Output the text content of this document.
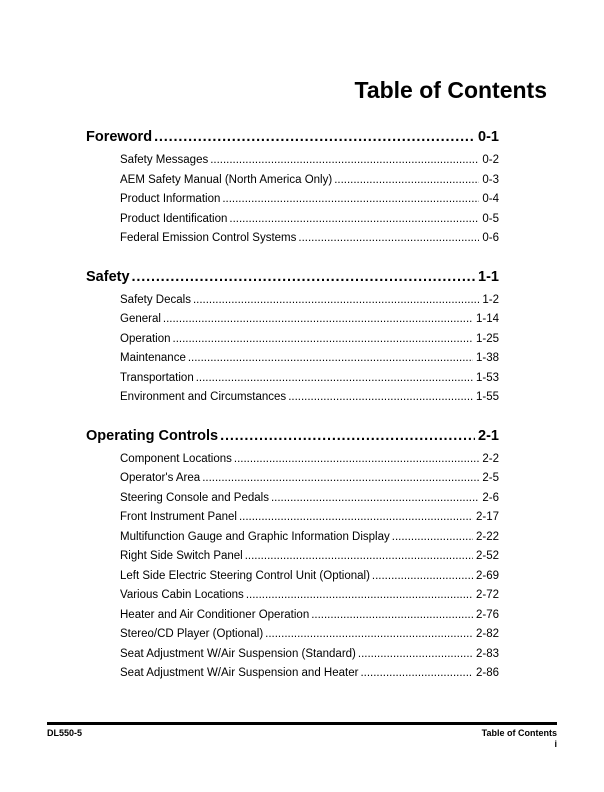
Table of Contents
Foreword . . .	0-1
Safety Messages . . .	0-2
AEM Safety Manual (North America Only) . . .	0-3
Product Information . . .	0-4
Product Identification . . .	0-5
Federal Emission Control Systems . . .	0-6
Safety . . .	1-1
Safety Decals . . .	1-2
General . . .	1-14
Operation . . .	1-25
Maintenance . . .	1-38
Transportation . . .	1-53
Environment and Circumstances . . .	1-55
Operating Controls . . .	2-1
Component Locations . . .	2-2
Operator's Area . . .	2-5
Steering Console and Pedals . . .	2-6
Front Instrument Panel . . .	2-17
Multifunction Gauge and Graphic Information Display . . .	2-22
Right Side Switch Panel . . .	2-52
Left Side Electric Steering Control Unit (Optional) . . .	2-69
Various Cabin Locations . . .	2-72
Heater and Air Conditioner Operation . . .	2-76
Stereo/CD Player (Optional) . . .	2-82
Seat Adjustment W/Air Suspension (Standard) . . .	2-83
Seat Adjustment W/Air Suspension and Heater . . .	2-86
DL550-5	Table of Contents
i
